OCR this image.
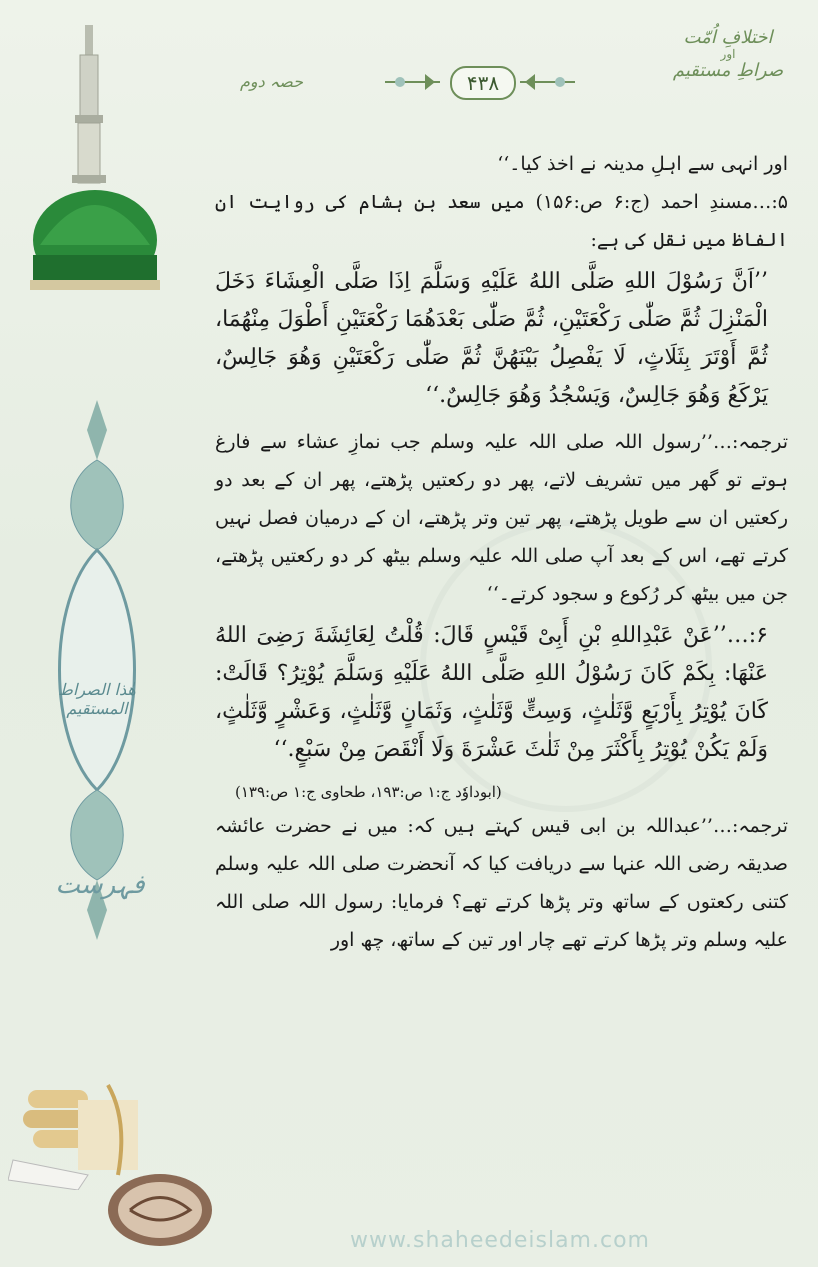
هٰذا الصراط المستقیم
فہرست
حصہ دوم	۴۳۸
اختلافِ اُمّت
اور
صراطِ مستقیم

اور انہی سے اہلِ مدینہ نے اخذ کیا۔‘‘

۵:…مسندِ احمد (ج:۶ ص:۱۵۶) میں سعد بن ہشام کی روایت ان الفاظ میں نقل کی ہے:

’’اَنَّ رَسُوْلَ اللهِ صَلَّی اللهُ عَلَيْهِ وَسَلَّمَ اِذَا صَلَّى الْعِشَاءَ دَخَلَ الْمَنْزِلَ ثُمَّ صَلّٰى رَكْعَتَيْنِ، ثُمَّ صَلّٰى بَعْدَهُمَا رَكْعَتَيْنِ أَطْوَلَ مِنْهُمَا، ثُمَّ أَوْتَرَ بِثَلَاثٍ، لَا يَفْصِلُ بَيْنَهُنَّ ثُمَّ صَلّٰى رَكْعَتَيْنِ وَهُوَ جَالِسٌ، يَرْكَعُ وَهُوَ جَالِسٌ، وَيَسْجُدُ وَهُوَ جَالِسٌ.‘‘

ترجمہ:…’’رسول اللہ صلی اللہ علیہ وسلم جب نمازِ عشاء سے فارغ ہوتے تو گھر میں تشریف لاتے، پھر دو رکعتیں پڑھتے، پھر ان کے بعد دو رکعتیں ان سے طویل پڑھتے، پھر تین وتر پڑھتے، ان کے درمیان فصل نہیں کرتے تھے، اس کے بعد آپ صلی اللہ علیہ وسلم بیٹھ کر دو رکعتیں پڑھتے، جن میں بیٹھ کر رُکوع و سجود کرتے۔‘‘

۶:…’’عَنْ عَبْدِاللهِ بْنِ أَبِیْ قَيْسٍ قَالَ: قُلْتُ لِعَائِشَةَ رَضِیَ اللهُ عَنْهَا: بِكَمْ كَانَ رَسُوْلُ اللهِ صَلَّی اللهُ عَلَيْهِ وَسَلَّمَ يُوْتِرُ؟ قَالَتْ: كَانَ يُوْتِرُ بِأَرْبَعٍ وَّثَلٰثٍ، وَسِتٍّ وَّثَلٰثٍ، وَثَمَانٍ وَّثَلٰثٍ، وَعَشْرٍ وَّثَلٰثٍ، وَلَمْ يَكُنْ يُوْتِرُ بِأَكْثَرَ مِنْ ثَلٰثَ عَشْرَةَ وَلَا أَنْقَصَ مِنْ سَبْعٍ.‘‘

(ابوداوٗد ج:۱ ص:۱۹۳، طحاوی ج:۱ ص:۱۳۹)

ترجمہ:…’’عبداللہ بن ابی قیس کہتے ہیں کہ: میں نے حضرت عائشہ صدیقہ رضی اللہ عنہا سے دریافت کیا کہ آنحضرت صلی اللہ علیہ وسلم کتنی رکعتوں کے ساتھ وتر پڑھا کرتے تھے؟ فرمایا: رسول اللہ صلی اللہ علیہ وسلم وتر پڑھا کرتے تھے چار اور تین کے ساتھ، چھ اور

www.shaheedeislam.com
